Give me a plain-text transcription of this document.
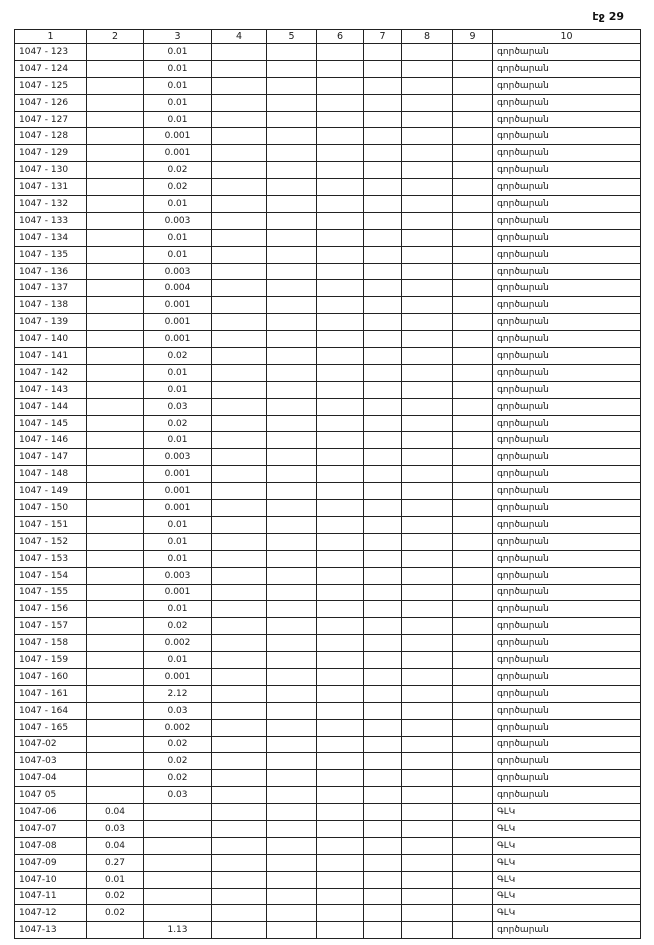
էջ 29
1	2	3	4	5	6	7	8	9	10
1047 - 123		0.01							գործարան
1047 - 124		0.01							գործարան
1047 - 125		0.01							գործարան
1047 - 126		0.01							գործարան
1047 - 127		0.01							գործարան
1047 - 128		0.001							գործարան
1047 - 129		0.001							գործարան
1047 - 130		0.02							գործարան
1047 - 131		0.02							գործարան
1047 - 132		0.01							գործարան
1047 - 133		0.003							գործարան
1047 - 134		0.01							գործարան
1047 - 135		0.01							գործարան
1047 - 136		0.003							գործարան
1047 - 137		0.004							գործարան
1047 - 138		0.001							գործարան
1047 - 139		0.001							գործարան
1047 - 140		0.001							գործարան
1047 - 141		0.02							գործարան
1047 - 142		0.01							գործարան
1047 - 143		0.01							գործարան
1047 - 144		0.03							գործարան
1047 - 145		0.02							գործարան
1047 - 146		0.01							գործարան
1047 - 147		0.003							գործարան
1047 - 148		0.001							գործարան
1047 - 149		0.001							գործարան
1047 - 150		0.001							գործարան
1047 - 151		0.01							գործարան
1047 - 152		0.01							գործարան
1047 - 153		0.01							գործարան
1047 - 154		0.003							գործարան
1047 - 155		0.001							գործարան
1047 - 156		0.01							գործարան
1047 - 157		0.02							գործարան
1047 - 158		0.002							գործարան
1047 - 159		0.01							գործարան
1047 - 160		0.001							գործարան
1047 - 161		2.12							գործարան
1047 - 164		0.03							գործարան
1047 - 165		0.002							գործարան
1047-02		0.02							գործարան
1047-03		0.02							գործարան
1047-04		0.02							գործարան
1047 05		0.03							գործարան
1047-06	0.04								ԳԼԿ
1047-07	0.03								ԳԼԿ
1047-08	0.04								ԳԼԿ
1047-09	0.27								ԳԼԿ
1047-10	0.01								ԳԼԿ
1047-11	0.02								ԳԼԿ
1047-12	0.02								ԳԼԿ
1047-13		1.13							գործարան
